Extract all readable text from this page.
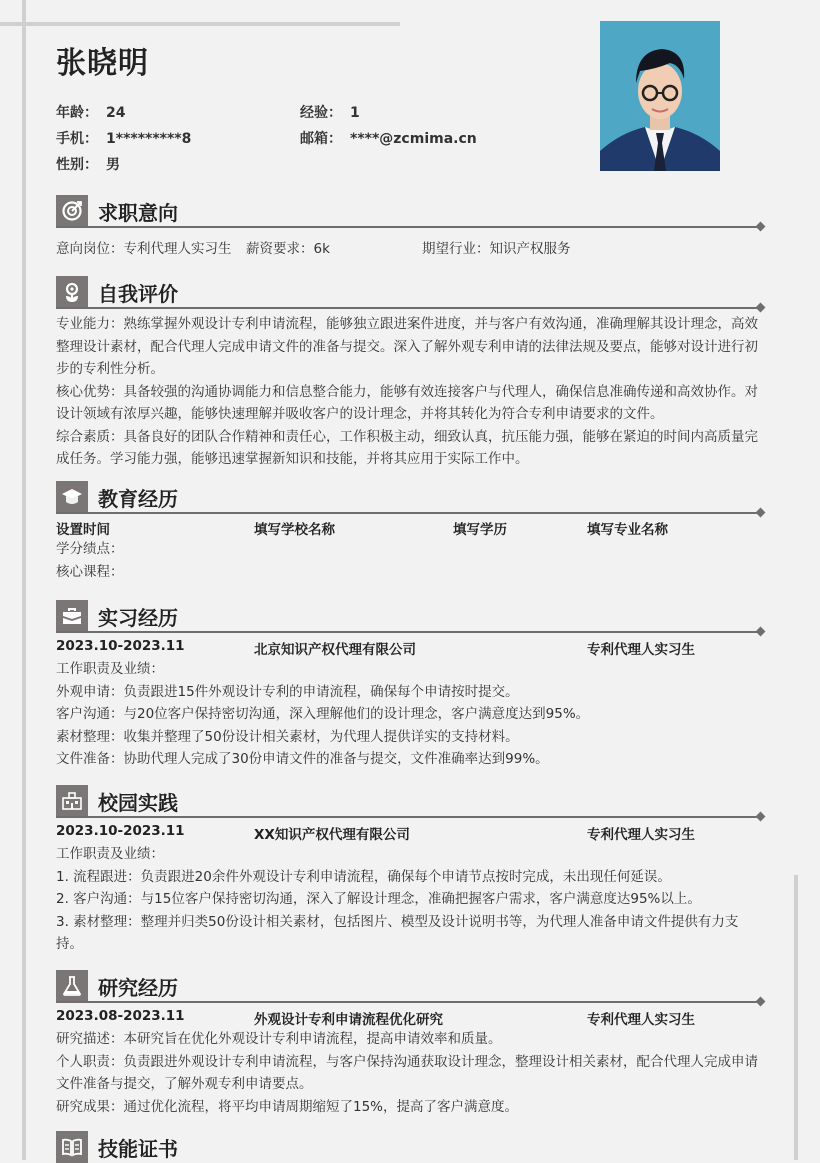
张晓明
年龄： 24	经验： 1
手机： 1*********8	邮箱： ****@zcmima.cn
性别： 男
求职意向
意向岗位：专利代理人实习生 薪资要求：6k	期望行业：知识产权服务
自我评价

专业能力：熟练掌握外观设计专利申请流程，能够独立跟进案件进度，并与客户有效沟通，准确理解其设计理念，高效整理设计素材，配合代理人完成申请文件的准备与提交。深入了解外观专利申请的法律法规及要点，能够对设计进行初步的专利性分析。

核心优势：具备较强的沟通协调能力和信息整合能力，能够有效连接客户与代理人，确保信息准确传递和高效协作。对设计领域有浓厚兴趣，能够快速理解并吸收客户的设计理念，并将其转化为符合专利申请要求的文件。

综合素质：具备良好的团队合作精神和责任心，工作积极主动，细致认真，抗压能力强，能够在紧迫的时间内高质量完成任务。学习能力强，能够迅速掌握新知识和技能，并将其应用于实际工作中。

教育经历
设置时间	填写学校名称	填写学历	填写专业名称

学分绩点：

核心课程：

实习经历
2023.10-2023.11	北京知识产权代理有限公司	专利代理人实习生

工作职责及业绩：

外观申请：负责跟进15件外观设计专利的申请流程，确保每个申请按时提交。

客户沟通：与20位客户保持密切沟通，深入理解他们的设计理念，客户满意度达到95%。

素材整理：收集并整理了50份设计相关素材，为代理人提供详实的支持材料。

文件准备：协助代理人完成了30份申请文件的准备与提交，文件准确率达到99%。

校园实践
2023.10-2023.11	XX知识产权代理有限公司	专利代理人实习生

工作职责及业绩：

1. 流程跟进：负责跟进20余件外观设计专利申请流程，确保每个申请节点按时完成，未出现任何延误。

2. 客户沟通：与15位客户保持密切沟通，深入了解设计理念，准确把握客户需求，客户满意度达95%以上。

3. 素材整理：整理并归类50份设计相关素材，包括图片、模型及设计说明书等，为代理人准备申请文件提供有力支持。

研究经历
2023.08-2023.11	外观设计专利申请流程优化研究	专利代理人实习生

研究描述：本研究旨在优化外观设计专利申请流程，提高申请效率和质量。

个人职责：负责跟进外观设计专利申请流程，与客户保持沟通获取设计理念，整理设计相关素材，配合代理人完成申请文件准备与提交，了解外观专利申请要点。

研究成果：通过优化流程，将平均申请周期缩短了15%，提高了客户满意度。

技能证书
